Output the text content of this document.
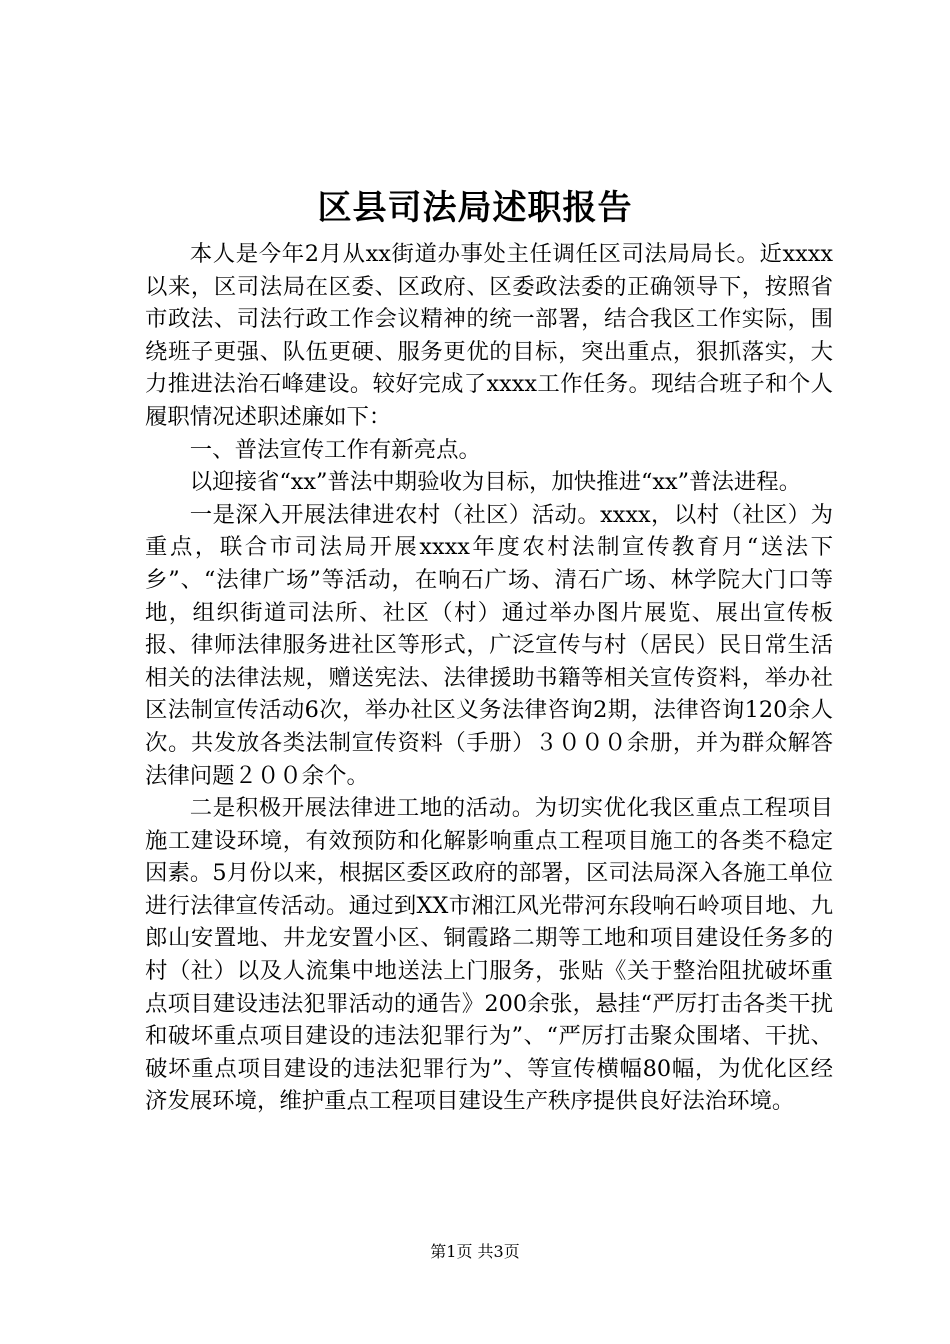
区县司法局述职报告

本人是今年2月从xx街道办事处主任调任区司法局局长。近xxxx以来，区司法局在区委、区政府、区委政法委的正确领导下，按照省市政法、司法行政工作会议精神的统一部署，结合我区工作实际，围绕班子更强、队伍更硬、服务更优的目标，突出重点，狠抓落实，大力推进法治石峰建设。较好完成了xxxx工作任务。现结合班子和个人履职情况述职述廉如下：

一、普法宣传工作有新亮点。

以迎接省“xx”普法中期验收为目标，加快推进“xx”普法进程。

一是深入开展法律进农村（社区）活动。xxxx，以村（社区）为重点，联合市司法局开展xxxx年度农村法制宣传教育月“送法下乡”、“法律广场”等活动，在响石广场、清石广场、林学院大门口等地，组织街道司法所、社区（村）通过举办图片展览、展出宣传板报、律师法律服务进社区等形式，广泛宣传与村（居民）民日常生活相关的法律法规，赠送宪法、法律援助书籍等相关宣传资料，举办社区法制宣传活动6次，举办社区义务法律咨询2期，法律咨询120余人次。共发放各类法制宣传资料（手册）３０００余册，并为群众解答法律问题２００余个。

二是积极开展法律进工地的活动。为切实优化我区重点工程项目施工建设环境，有效预防和化解影响重点工程项目施工的各类不稳定因素。5月份以来，根据区委区政府的部署，区司法局深入各施工单位进行法律宣传活动。通过到XX市湘江风光带河东段响石岭项目地、九郎山安置地、井龙安置小区、铜霞路二期等工地和项目建设任务多的村（社）以及人流集中地送法上门服务，张贴《关于整治阻扰破坏重点项目建设违法犯罪活动的通告》200余张，悬挂“严厉打击各类干扰和破坏重点项目建设的违法犯罪行为”、“严厉打击聚众围堵、干扰、破坏重点项目建设的违法犯罪行为”、等宣传横幅80幅，为优化区经济发展环境，维护重点工程项目建设生产秩序提供良好法治环境。

第1页 共3页
